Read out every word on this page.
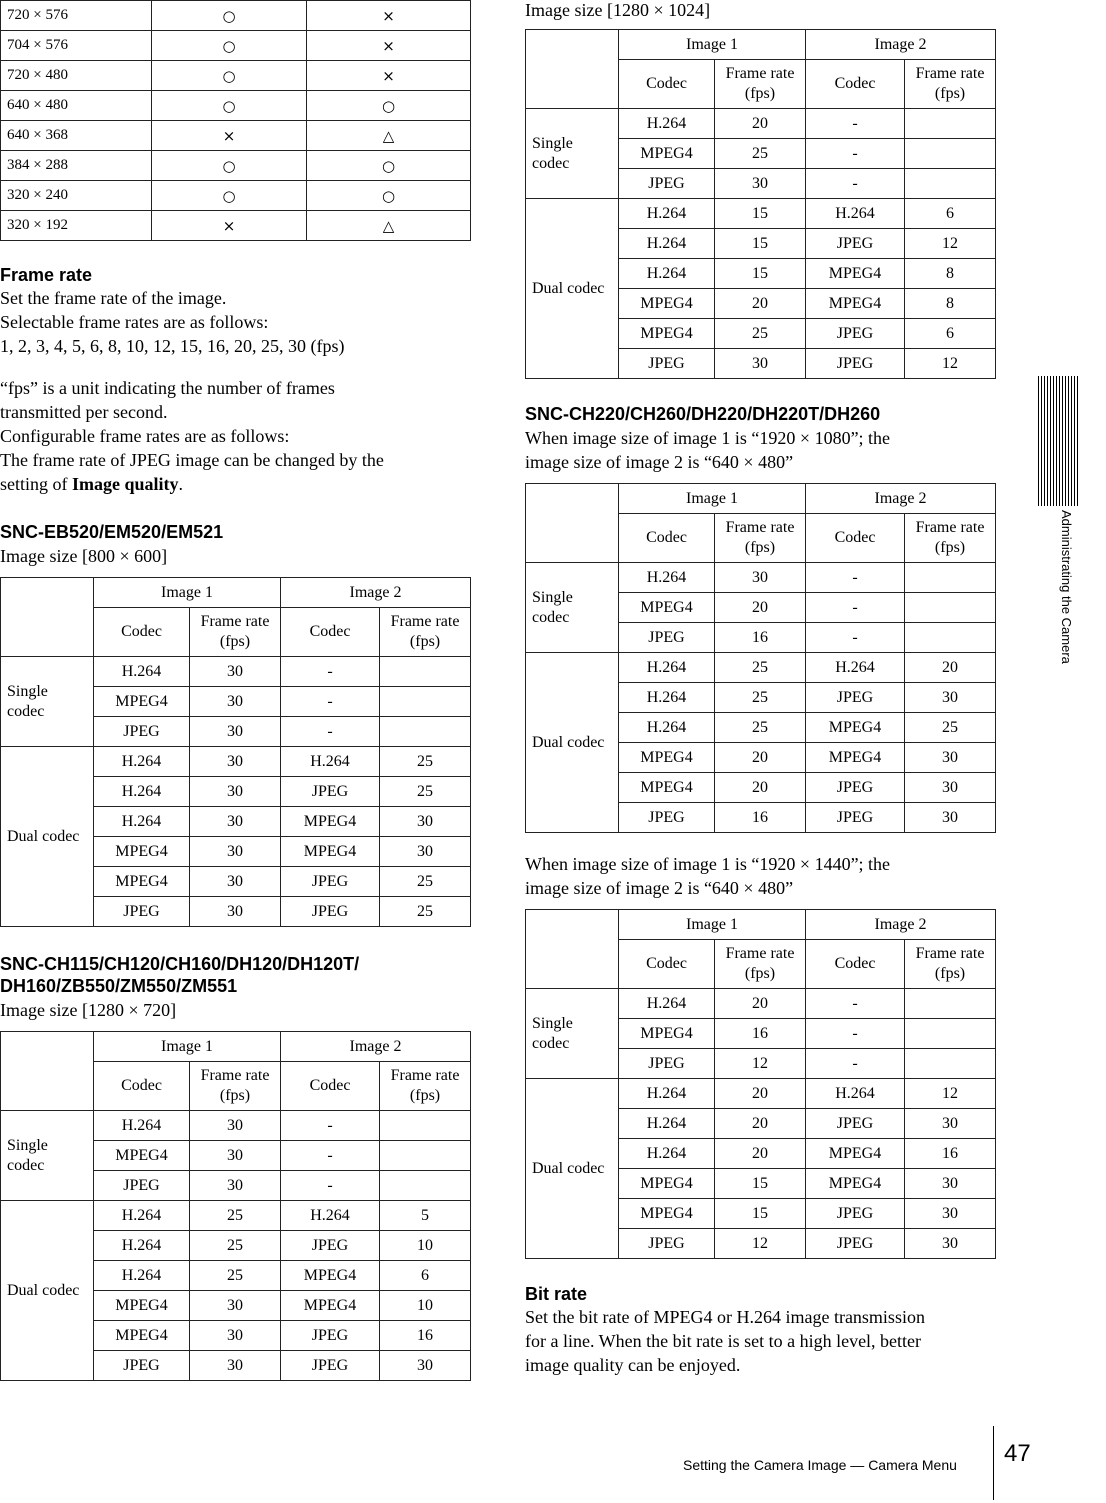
720 × 576	○	×
704 × 576	○	×
720 × 480	○	×
640 × 480	○	○
640 × 368	×	△
384 × 288	○	○
320 × 240	○	○
320 × 192	×	△
Frame rate

Set the frame rate of the image.

Selectable frame rates are as follows:

1, 2, 3, 4, 5, 6, 8, 10, 12, 15, 16, 20, 25, 30 (fps)

“fps” is a unit indicating the number of frames

transmitted per second.

Configurable frame rates are as follows:

The frame rate of JPEG image can be changed by the

setting of Image quality.

SNC-EB520/EM520/EM521

Image size [800 × 600]

	Image 1		Image 2	
	Codec	Frame rate
(fps)	Codec	Frame rate
(fps)
Single
codec	H.264	30	-	
	MPEG4	30	-	
	JPEG	30	-	
Dual codec	H.264	30	H.264	25
	H.264	30	JPEG	25
	H.264	30	MPEG4	30
	MPEG4	30	MPEG4	30
	MPEG4	30	JPEG	25
	JPEG	30	JPEG	25
SNC-CH115/CH120/CH160/DH120/DH120T/
DH160/ZB550/ZM550/ZM551

Image size [1280 × 720]

	Image 1		Image 2	
	Codec	Frame rate
(fps)	Codec	Frame rate
(fps)
Single
codec	H.264	30	-	
	MPEG4	30	-	
	JPEG	30	-	
Dual codec	H.264	25	H.264	5
	H.264	25	JPEG	10
	H.264	25	MPEG4	6
	MPEG4	30	MPEG4	10
	MPEG4	30	JPEG	16
	JPEG	30	JPEG	30

Image size [1280 × 1024]

	Image 1		Image 2	
	Codec	Frame rate
(fps)	Codec	Frame rate
(fps)
Single
codec	H.264	20	-	
	MPEG4	25	-	
	JPEG	30	-	
Dual codec	H.264	15	H.264	6
	H.264	15	JPEG	12
	H.264	15	MPEG4	8
	MPEG4	20	MPEG4	8
	MPEG4	25	JPEG	6
	JPEG	30	JPEG	12
SNC-CH220/CH260/DH220/DH220T/DH260

When image size of image 1 is “1920 × 1080”; the

image size of image 2 is “640 × 480”

	Image 1		Image 2	
	Codec	Frame rate
(fps)	Codec	Frame rate
(fps)
Single
codec	H.264	30	-	
	MPEG4	20	-	
	JPEG	16	-	
Dual codec	H.264	25	H.264	20
	H.264	25	JPEG	30
	H.264	25	MPEG4	25
	MPEG4	20	MPEG4	30
	MPEG4	20	JPEG	30
	JPEG	16	JPEG	30

When image size of image 1 is “1920 × 1440”; the

image size of image 2 is “640 × 480”

	Image 1		Image 2	
	Codec	Frame rate
(fps)	Codec	Frame rate
(fps)
Single
codec	H.264	20	-	
	MPEG4	16	-	
	JPEG	12	-	
Dual codec	H.264	20	H.264	12
	H.264	20	JPEG	30
	H.264	20	MPEG4	16
	MPEG4	15	MPEG4	30
	MPEG4	15	JPEG	30
	JPEG	12	JPEG	30
Bit rate

Set the bit rate of MPEG4 or H.264 image transmission

for a line. When the bit rate is set to a high level, better

image quality can be enjoyed.

Administrating the Camera
Setting the Camera Image — Camera Menu 47
